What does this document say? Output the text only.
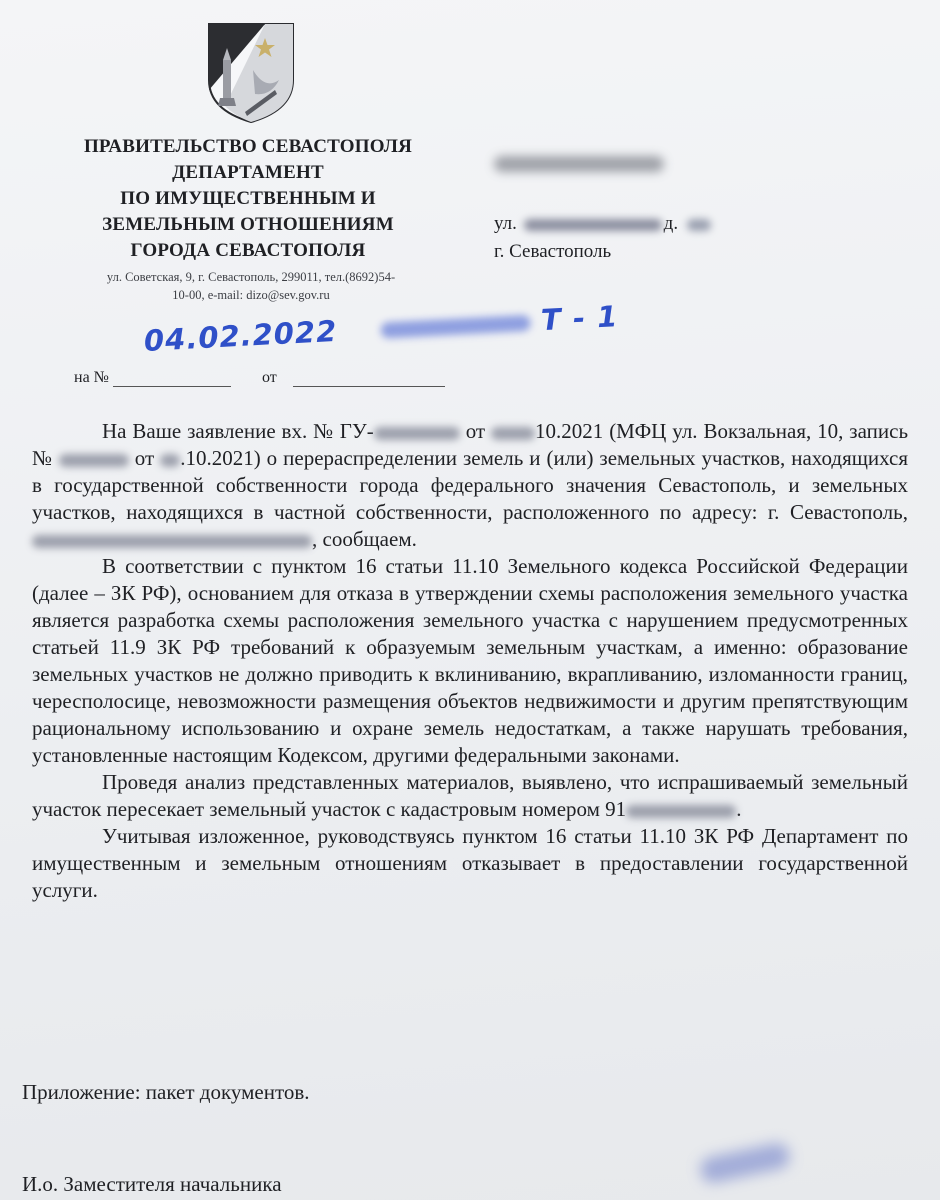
ПРАВИТЕЛЬСТВО СЕВАСТОПОЛЯ
ДЕПАРТАМЕНТ
ПО ИМУЩЕСТВЕННЫМ И
ЗЕМЕЛЬНЫМ ОТНОШЕНИЯМ
ГОРОДА СЕВАСТОПОЛЯ
ул. Советская, 9, г. Севастополь, 299011, тел.(8692)54-
10-00, e-mail: dizo@sev.gov.ru
ул.	д.
г. Севастополь
04.02.2022	Т - 1
на №	от

На Ваше заявление вх. № ГУ-	от 10.2021 (МФЦ ул. Вокзальная, 10, запись №	от .10.2021) о перераспределении земель и (или) земельных участков, находящихся в государственной собственности города федерального значения Севастополь, и земельных участков, находящихся в частной собственности, расположенного по адресу: г. Севастополь, , сообщаем.

В соответствии с пунктом 16 статьи 11.10 Земельного кодекса Российской Федерации (далее – ЗК РФ), основанием для отказа в утверждении схемы расположения земельного участка является разработка схемы расположения земельного участка с нарушением предусмотренных статьей 11.9 ЗК РФ требований к образуемым земельным участкам, а именно: образование земельных участков не должно приводить к вклиниванию, вкрапливанию, изломанности границ, чересполосице, невозможности размещения объектов недвижимости и другим препятствующим рациональному использованию и охране земель недостаткам, а также нарушать требования, установленные настоящим Кодексом, другими федеральными законами.

Проведя анализ представленных материалов, выявлено, что испрашиваемый земельный участок пересекает земельный участок с кадастровым номером 91	.

Учитывая изложенное, руководствуясь пунктом 16 статьи 11.10 ЗК РФ Департамент по имущественным и земельным отношениям отказывает в предоставлении государственной услуги.

Приложение: пакет документов.
И.о. Заместителя начальника
